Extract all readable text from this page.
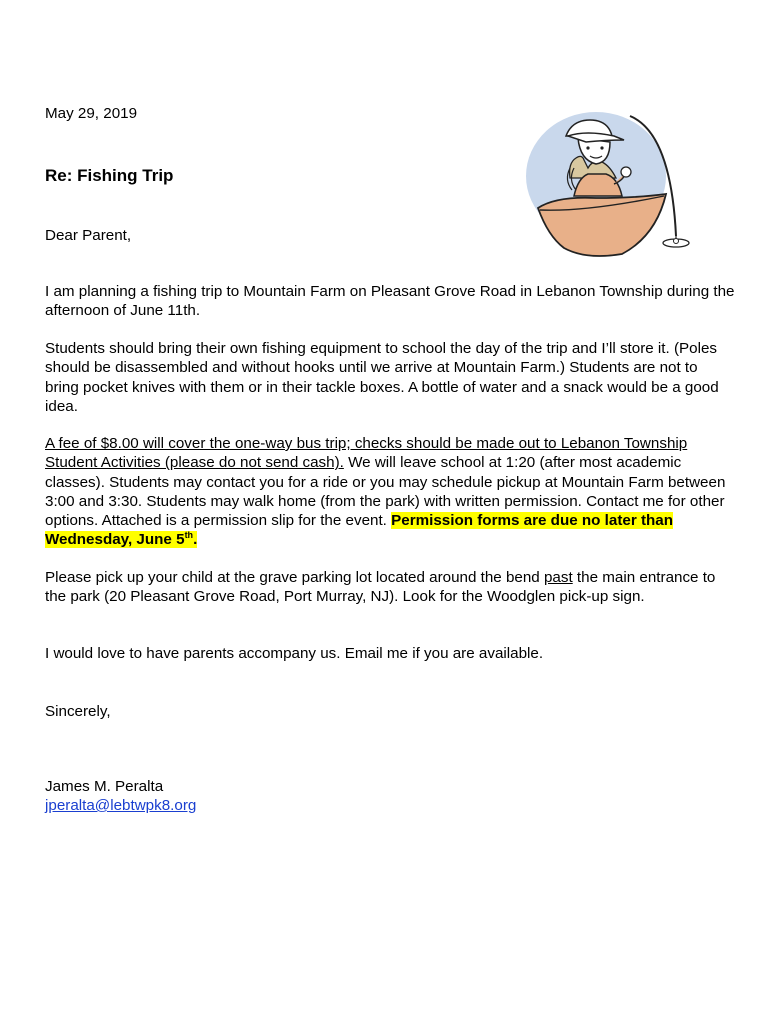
May 29, 2019

Re: Fishing Trip

Dear Parent,

I am planning a fishing trip to Mountain Farm on Pleasant Grove Road in Lebanon Township during the afternoon of June 11th.

Students should bring their own fishing equipment to school the day of the trip and I’ll store it. (Poles should be disassembled and without hooks until we arrive at Mountain Farm.) Students are not to bring pocket knives with them or in their tackle boxes. A bottle of water and a snack would be a good idea.

A fee of $8.00 will cover the one-way bus trip; checks should be made out to Lebanon Township Student Activities (please do not send cash). We will leave school at 1:20 (after most academic classes). Students may contact you for a ride or you may schedule pickup at Mountain Farm between 3:00 and 3:30. Students may walk home (from the park) with written permission. Contact me for other options. Attached is a permission slip for the event. Permission forms are due no later than Wednesday, June 5th.

Please pick up your child at the grave parking lot located around the bend past the main entrance to the park (20 Pleasant Grove Road, Port Murray, NJ). Look for the Woodglen pick-up sign.

I would love to have parents accompany us. Email me if you are available.

Sincerely,

James M. Peralta

jperalta@lebtwpk8.org
